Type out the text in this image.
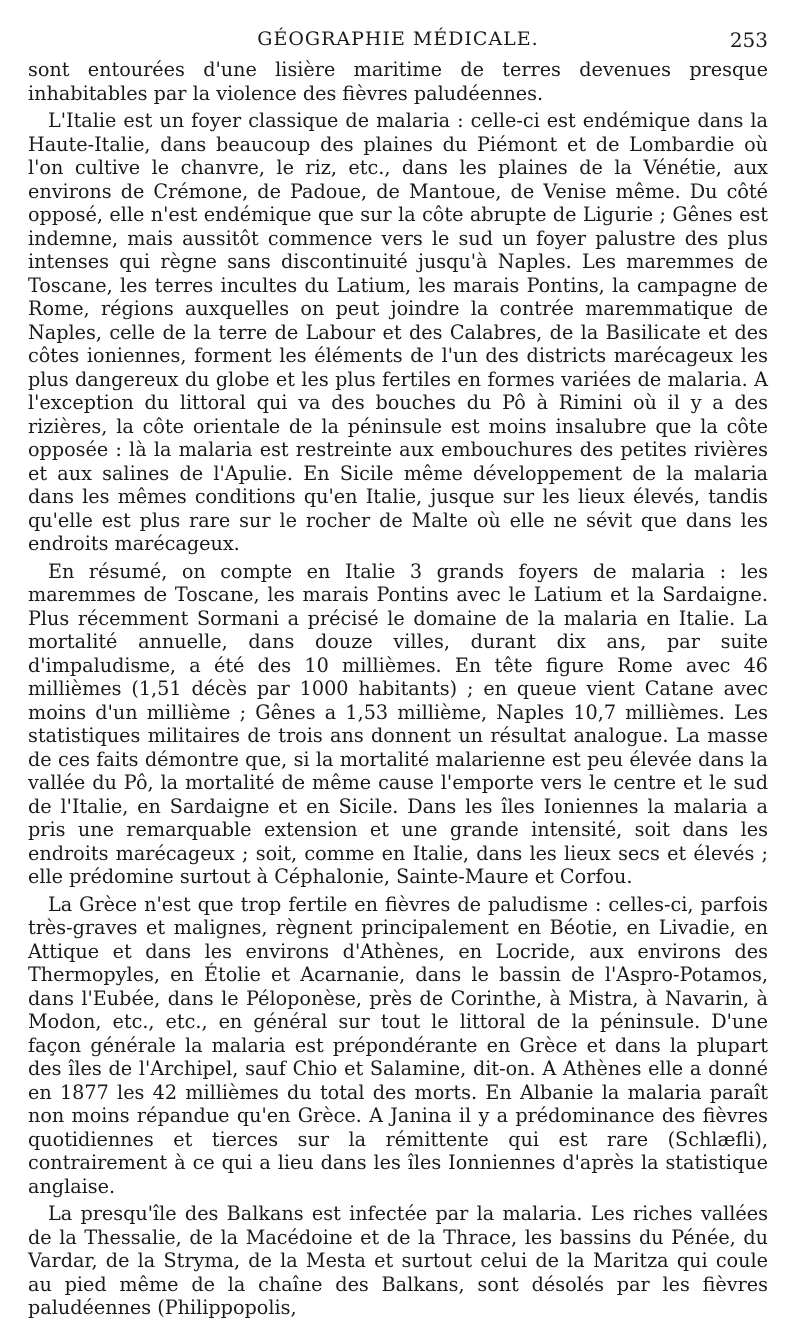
GÉOGRAPHIE MÉDICALE.	253

sont entourées d'une lisière maritime de terres devenues presque inhabitables par la violence des fièvres paludéennes.

L'Italie est un foyer classique de malaria : celle-ci est endémique dans la Haute-Italie, dans beaucoup des plaines du Piémont et de Lombardie où l'on cultive le chanvre, le riz, etc., dans les plaines de la Vénétie, aux environs de Crémone, de Padoue, de Mantoue, de Venise même. Du côté opposé, elle n'est endémique que sur la côte abrupte de Ligurie ; Gênes est indemne, mais aussitôt commence vers le sud un foyer palustre des plus intenses qui règne sans discontinuité jusqu'à Naples. Les maremmes de Toscane, les terres incultes du Latium, les marais Pontins, la campagne de Rome, régions auxquelles on peut joindre la contrée maremmatique de Naples, celle de la terre de Labour et des Calabres, de la Basilicate et des côtes ioniennes, forment les éléments de l'un des districts marécageux les plus dangereux du globe et les plus fertiles en formes variées de malaria. A l'exception du littoral qui va des bouches du Pô à Rimini où il y a des rizières, la côte orientale de la péninsule est moins insalubre que la côte opposée : là la malaria est restreinte aux embouchures des petites rivières et aux salines de l'Apulie. En Sicile même développement de la malaria dans les mêmes conditions qu'en Italie, jusque sur les lieux élevés, tandis qu'elle est plus rare sur le rocher de Malte où elle ne sévit que dans les endroits marécageux.

En résumé, on compte en Italie 3 grands foyers de malaria : les maremmes de Toscane, les marais Pontins avec le Latium et la Sardaigne. Plus récemment Sormani a précisé le domaine de la malaria en Italie. La mortalité annuelle, dans douze villes, durant dix ans, par suite d'impaludisme, a été des 10 millièmes. En tête figure Rome avec 46 millièmes (1,51 décès par 1000 habitants) ; en queue vient Catane avec moins d'un millième ; Gênes a 1,53 millième, Naples 10,7 millièmes. Les statistiques militaires de trois ans donnent un résultat analogue. La masse de ces faits démontre que, si la mortalité malarienne est peu élevée dans la vallée du Pô, la mortalité de même cause l'emporte vers le centre et le sud de l'Italie, en Sardaigne et en Sicile. Dans les îles Ioniennes la malaria a pris une remarquable extension et une grande intensité, soit dans les endroits marécageux ; soit, comme en Italie, dans les lieux secs et élevés ; elle prédomine surtout à Céphalonie, Sainte-Maure et Corfou.

La Grèce n'est que trop fertile en fièvres de paludisme : celles-ci, parfois très-graves et malignes, règnent principalement en Béotie, en Livadie, en Attique et dans les environs d'Athènes, en Locride, aux environs des Thermopyles, en Étolie et Acarnanie, dans le bassin de l'Aspro-Potamos, dans l'Eubée, dans le Péloponèse, près de Corinthe, à Mistra, à Navarin, à Modon, etc., etc., en général sur tout le littoral de la péninsule. D'une façon générale la malaria est prépondérante en Grèce et dans la plupart des îles de l'Archipel, sauf Chio et Salamine, dit-on. A Athènes elle a donné en 1877 les 42 millièmes du total des morts. En Albanie la malaria paraît non moins répandue qu'en Grèce. A Janina il y a prédominance des fièvres quotidiennes et tierces sur la rémittente qui est rare (Schlæfli), contrairement à ce qui a lieu dans les îles Ionniennes d'après la statistique anglaise.

La presqu'île des Balkans est infectée par la malaria. Les riches vallées de la Thessalie, de la Macédoine et de la Thrace, les bassins du Pénée, du Vardar, de la Stryma, de la Mesta et surtout celui de la Maritza qui coule au pied même de la chaîne des Balkans, sont désolés par les fièvres paludéennes (Philippopolis,
